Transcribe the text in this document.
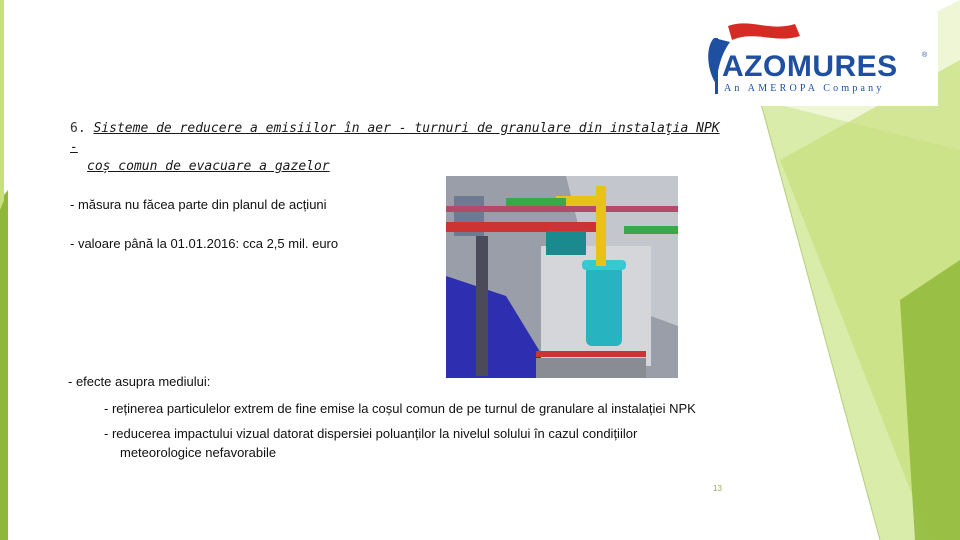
AZOMURES	®
An AMEROPA Company
6. Sisteme de reducere a emisiilor în aer - turnuri de granulare din instalaţia NPK -
coș comun de evacuare a gazelor
- măsura nu făcea parte din planul de acțiuni
- valoare până la 01.01.2016: cca 2,5 mil. euro
- efecte asupra mediului:
- reținerea particulelor extrem de fine emise la coșul comun de pe turnul de granulare al instalației NPK
- reducerea impactului vizual datorat dispersiei poluanților la nivelul solului în cazul condițiilor
meteorologice nefavorabile
13
